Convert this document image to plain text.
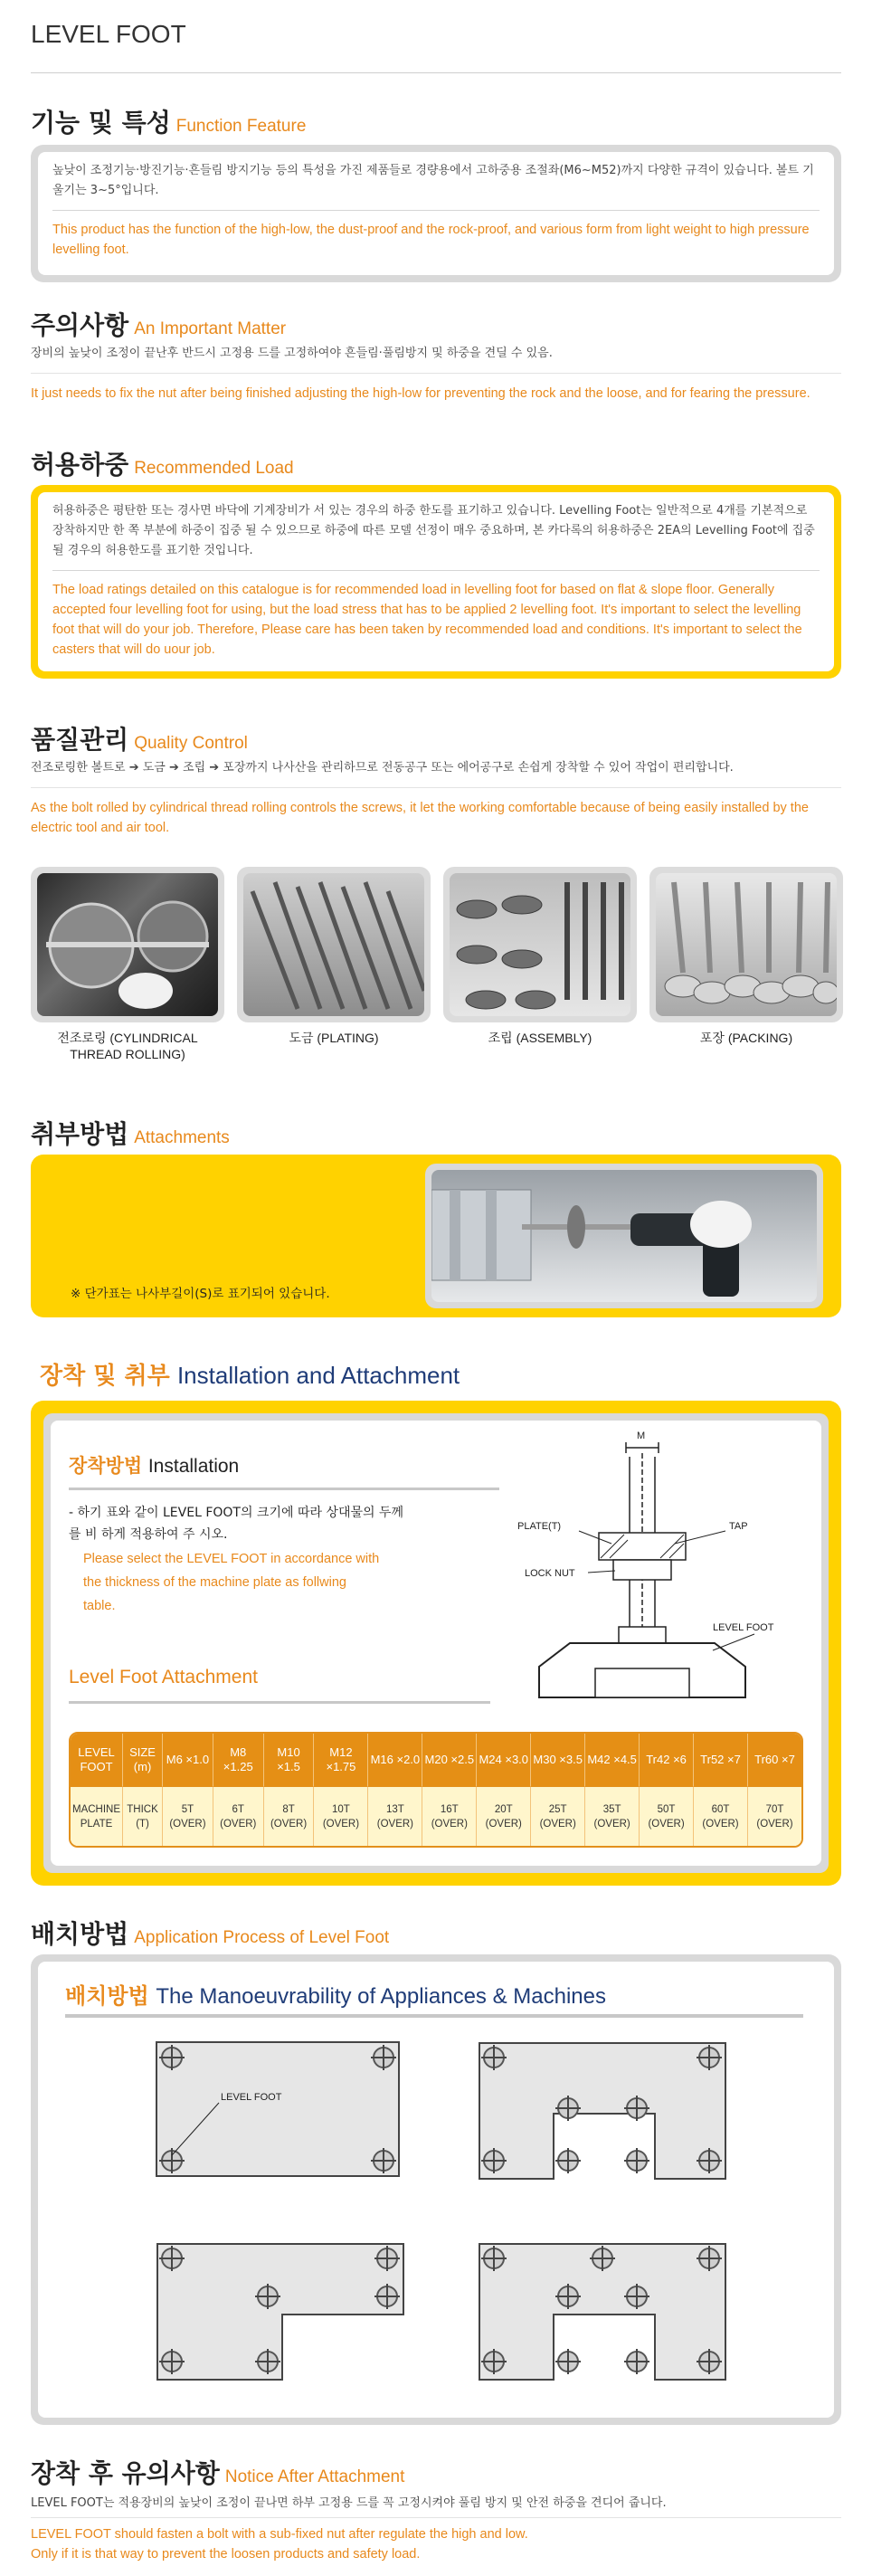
LEVEL FOOT
기능 및 특성 Function Feature
높낮이 조정기능·방진기능·흔들림 방지기능 등의 특성을 가진 제품들로 경량용에서 고하중용 조절좌(M6~M52)까지 다양한 규격이 있습니다. 볼트 기울기는 3~5°입니다.
This product has the function of the high-low, the dust-proof and the rock-proof, and various form from light weight to high pressure levelling foot.
주의사항 An Important Matter
장비의 높낮이 조정이 끝난후 반드시 고정용 드를 고정하여야 흔들림·풀림방지 및 하중을 견딜 수 있음.
It just needs to fix the nut after being finished adjusting the high-low for preventing the rock and the loose, and for fearing the pressure.
허용하중 Recommended Load
허용하중은 평탄한 또는 경사면 바닥에 기계장비가 서 있는 경우의 하중 한도를 표기하고 있습니다. Levelling Foot는 일반적으로 4개를 기본적으로 장착하지만 한 쪽 부분에 하중이 집중 될 수 있으므로 하중에 따른 모델 선정이 매우 중요하며, 본 카다록의 허용하중은 2EA의 Levelling Foot에 집중될 경우의 허용한도를 표기한 것입니다.
The load ratings detailed on this catalogue is for recommended load in levelling foot for based on flat & slope floor. Generally accepted four levelling foot for using, but the load stress that has to be applied 2 levelling foot. It's important to select the levelling foot that will do your job. Therefore, Please care has been taken by recommended load and conditions. It's important to select the casters that will do uour job.
품질관리 Quality Control
전조로링한 볼트로 ➔ 도금 ➔ 조립 ➔ 포장까지 나사산을 관리하므로 전동공구 또는 에어공구로 손쉽게 장착할 수 있어 작업이 편리합니다.
As the bolt rolled by cylindrical thread rolling controls the screws, it let the working comfortable because of being easily installed by the electric tool and air tool.
전조로링 (CYLINDRICAL THREAD ROLLING)
도금 (PLATING)	조립 (ASSEMBLY)	포장 (PACKING)
취부방법 Attachments
※ 단가표는 나사부길이(S)로 표기되어 있습니다.
장착 및 취부 Installation and Attachment
장착방법 Installation
- 하기 표와 같이 LEVEL FOOT의 크기에 따라 상대물의 두께를 비 하게 적용하여 주 시오.
Please select the LEVEL FOOT in accordance with the thickness of the machine plate as follwing table.
Level Foot Attachment
M
PLATE(T)	TAP
LOCK NUT
LEVEL FOOT
LEVEL FOOT	SIZE (m)	M6 ×1.0	M8 ×1.25	M10 ×1.5	M12 ×1.75	M16 ×2.0	M20 ×2.5	M24 ×3.0	M30 ×3.5	M42 ×4.5	Tr42 ×6	Tr52 ×7	Tr60 ×7
MACHINE PLATE	THICK (T)	5T (OVER)	6T (OVER)	8T (OVER)	10T (OVER)	13T (OVER)	16T (OVER)	20T (OVER)	25T (OVER)	35T (OVER)	50T (OVER)	60T (OVER)	70T (OVER)
배치방법 Application Process of Level Foot
배치방법 The Manoeuvrability of Appliances & Machines
LEVEL FOOT
장착 후 유의사항 Notice After Attachment
LEVEL FOOT는 적용장비의 높낮이 조정이 끝나면 하부 고정용 드를 꼭 고정시켜야 풀림 방지 및 안전 하중을 견디어 줍니다.
LEVEL FOOT should fasten a bolt with a sub-fixed nut after regulate the high and low.
Only if it is that way to prevent the loosen products and safety load.
